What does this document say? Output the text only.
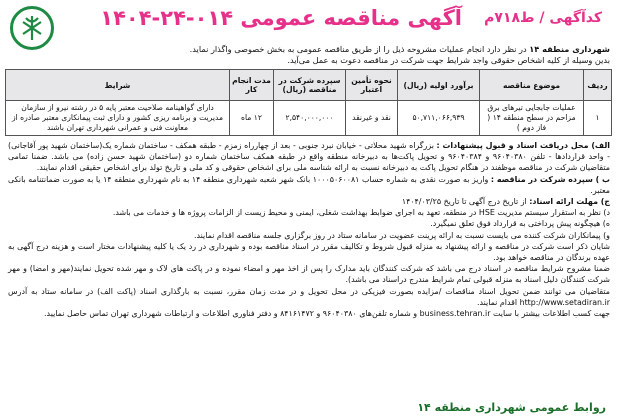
آگهی مناقصه عمومی ۰۱۴-۲۴-۱۴۰۴ کدآگهی / ط۷۱۸م
شهرداری منطقه ۱۴ در نظر دارد انجام عملیات مشروحه ذیل را از طریق مناقصه عمومی به بخش خصوصی واگذار نماید.
بدین وسیله از کلیه اشخاص حقوقی واجد شرایط جهت شرکت در مناقصه دعوت به عمل می‌آید.
ردیف	موضوع مناقصه	برآورد اولیه (ریال)	نحوه تأمین اعتبار	سپرده شرکت در مناقصه (ریال)	مدت انجام کار	شرایط
۱	عملیات جابجایی تیرهای برق مزاحم در سطح منطقه ۱۴ ( فاز دوم )	۵۰,۷۱۱,۰۶۶,۹۳۹	نقد و غیرنقد	۲,۵۴۰,۰۰۰,۰۰۰	۱۲ ماه	دارای گواهینامه صلاحیت معتبر پایه ۵ در رشته نیرو از سازمان مدیریت و برنامه ریزی کشور و دارای ثبت پیمانکاری معتبر صادره از معاونت فنی و عمرانی شهرداری تهران باشند

الف) محل دریافت اسناد و قبول پیشنهادات : بزرگراه شهید محلاتی - خیابان نبرد جنوبی - بعد از چهارراه زمزم - طبقه همکف - ساختمان شماره یک(ساختمان شهید پور آقاجانی) - واحد قراردادها - تلفن ۹۶۰۴۰۳۸۰ و ۹۶۰۴۰۳۸۴ و تحویل پاکت‌ها به دبیرخانه منطقه واقع در طبقه همکف ساختمان شماره دو (ساختمان شهید حسن زاده) می باشد. ضمنا تمامی متقاضیان شرکت در مناقصه موظفند در هنگام تحویل پاکت به دبیرخانه نسبت به ارائه شناسه ملی برای اشخاص حقوقی و کد ملی و تاریخ تولد برای اشخاص حقیقی اقدام نمایند.

ب ) سپرده شرکت در مناقصه : واریز به صورت نقدی به شماره حساب ۱۰۰۰۵۰۶۰۰۸۱ بانک شهر شعبه شهرداری منطقه ۱۴ به نام شهرداری منطقه ۱۴ یا به صورت ضمانتنامه بانکی معتبر.

ج) مهلت ارائه اسناد: از تاریخ درج آگهی تا تاریخ ۱۴۰۴/۰۳/۲۵

د) نظر به استقرار سیستم مدیریت HSE در منطقه، تعهد به اجرای ضوابط بهداشت شغلی، ایمنی و محیط زیست از الزامات پروژه ها و خدمات می باشد.

ه) هیچگونه پیش پرداختی به قرارداد فوق تعلق نمیگیرد.

و) پیمانکاران شرکت کننده می بایست نسبت به ارائه پرینت عضویت در سامانه ستاد در روز برگزاری جلسه مناقصه اقدام نمایند.

شایان ذکر است شرکت در مناقصه و ارائه پیشنهاد به منزله قبول شروط و تکالیف مقرر در اسناد مناقصه بوده و شهرداری در رد یک یا کلیه پیشنهادات مختار است و هزینه درج آگهی به عهده برندگان در مناقصه خواهد بود.

ضمنا مشروح شرایط مناقصه در اسناد درج می باشد که شرکت کنندگان باید مدارک را پس از اخذ مهر و امضاء نموده و در پاکت های لاک و مهر شده تحویل نمایند(مهر و امضا) و مهر شرکت کنندگان دلیل اسناد به منزله قبولی تمام شرایط مندرج دراسناد می باشد).

متقاضیان می توانند ضمن تحویل اسناد مناقصات /مزایده بصورت فیزیکی در محل تحویل و در مدت زمان مقرر، نسبت به بارگذاری اسناد (پاکت الف) در سامانه ستاد به آدرس http://www.setadiran.ir اقدام نمایند.

جهت کسب اطلاعات بیشتر با سایت business.tehran.ir و شماره تلفن‌های ۹۶۰۴۰۳۸۰ و ۸۴۱۶۱۴۷۲ و دفتر فناوری اطلاعات و ارتباطات شهرداری تهران تماس حاصل نمایید.

روابط عمومی شهرداری منطقه ۱۴
